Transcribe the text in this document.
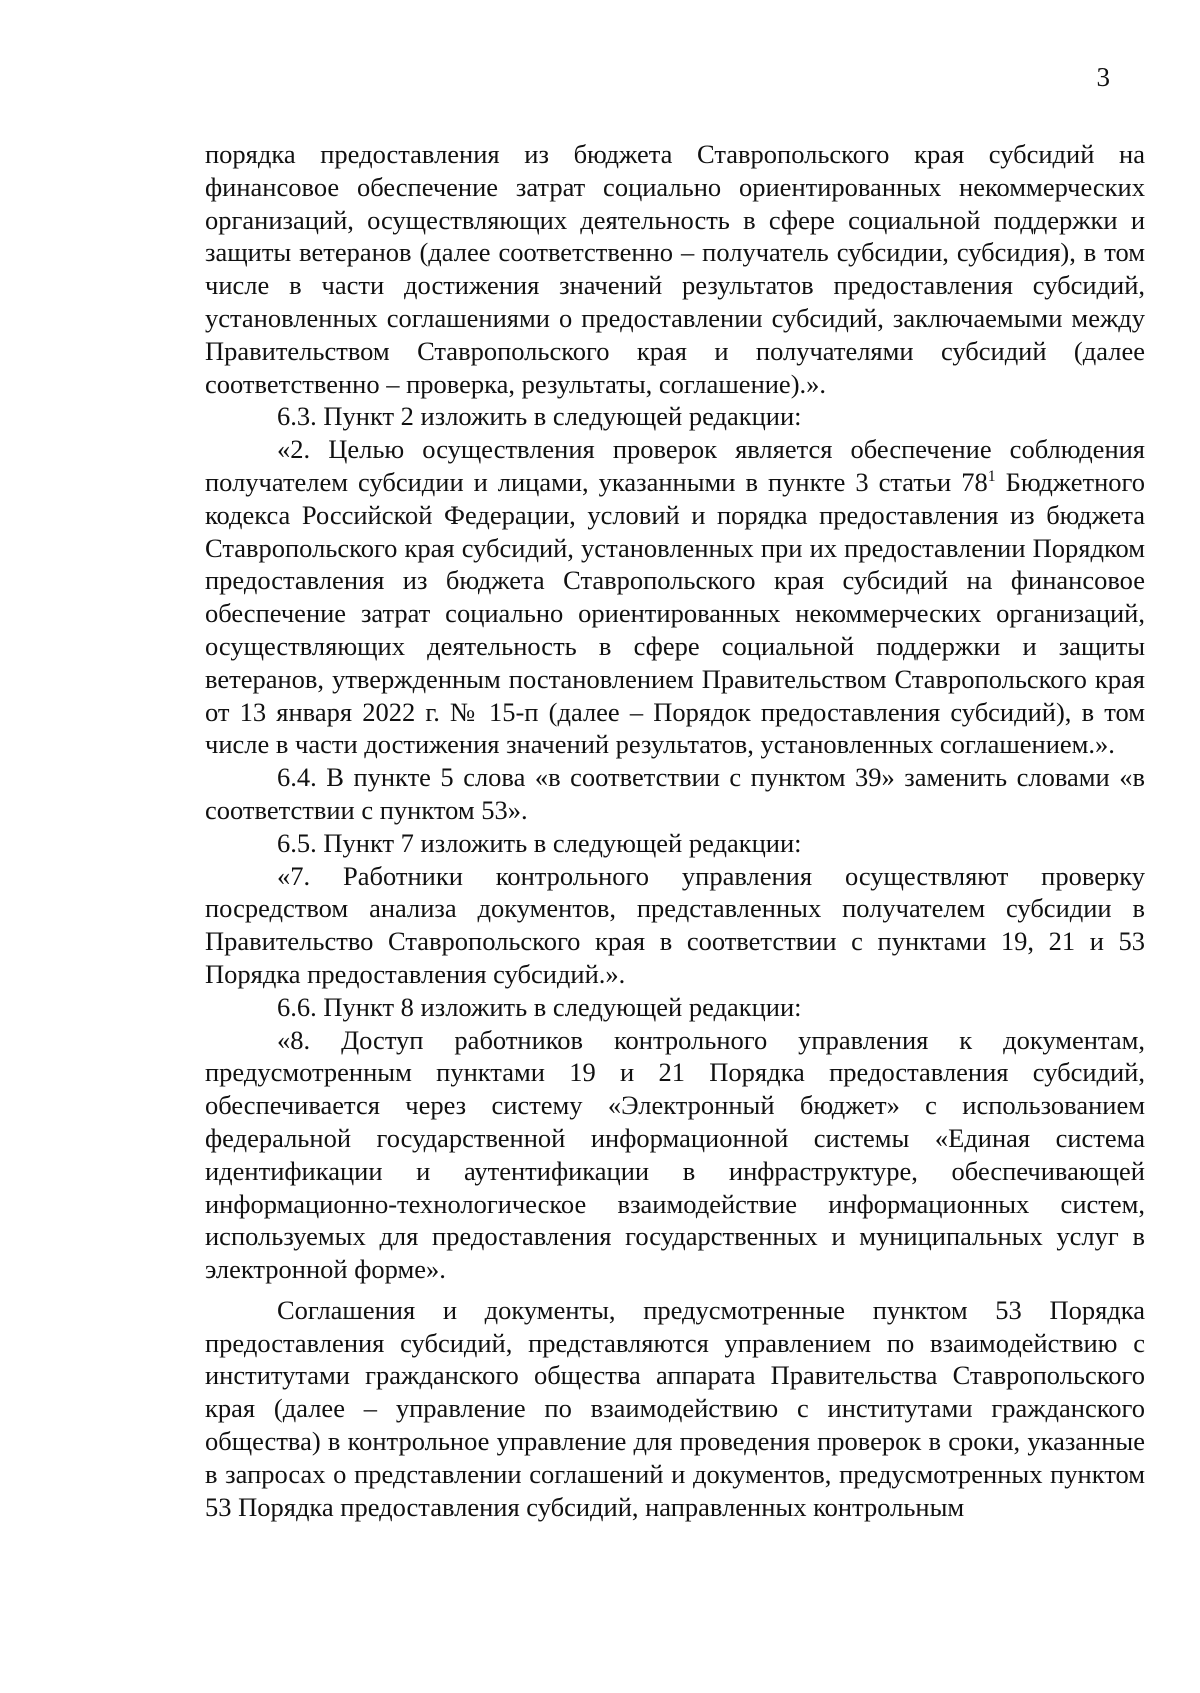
3

порядка предоставления из бюджета Ставропольского края субсидий на финансовое обеспечение затрат социально ориентированных некоммерческих организаций, осуществляющих деятельность в сфере социальной поддержки и защиты ветеранов (далее соответственно – получатель субсидии, субсидия), в том числе в части достижения значений результатов предоставления субсидий, установленных соглашениями о предоставлении субсидий, заключаемыми между Правительством Ставропольского края и получателями субсидий (далее соответственно – проверка, результаты, соглашение).».

6.3. Пункт 2 изложить в следующей редакции:

«2. Целью осуществления проверок является обеспечение соблюдения получателем субсидии и лицами, указанными в пункте 3 статьи $78^1$ Бюджетного кодекса Российской Федерации, условий и порядка предоставления из бюджета Ставропольского края субсидий, установленных при их предоставлении Порядком предоставления из бюджета Ставропольского края субсидий на финансовое обеспечение затрат социально ориентированных некоммерческих организаций, осуществляющих деятельность в сфере социальной поддержки и защиты ветеранов, утвержденным постановлением Правительством Ставропольского края от 13 января 2022 г. № 15-п (далее – Порядок предоставления субсидий), в том числе в части достижения значений результатов, установленных соглашением.».

6.4. В пункте 5 слова «в соответствии с пунктом 39» заменить словами «в соответствии с пунктом 53».

6.5. Пункт 7 изложить в следующей редакции:

«7. Работники контрольного управления осуществляют проверку посредством анализа документов, представленных получателем субсидии в Правительство Ставропольского края в соответствии с пунктами 19, 21 и 53 Порядка предоставления субсидий.».

6.6. Пункт 8 изложить в следующей редакции:

«8. Доступ работников контрольного управления к документам, предусмотренным пунктами 19 и 21 Порядка предоставления субсидий, обеспечивается через систему «Электронный бюджет» с использованием федеральной государственной информационной системы «Единая система идентификации и аутентификации в инфраструктуре, обеспечивающей информационно-технологическое взаимодействие информационных систем, используемых для предоставления государственных и муниципальных услуг в электронной форме».

Соглашения и документы, предусмотренные пунктом 53 Порядка предоставления субсидий, представляются управлением по взаимодействию с институтами гражданского общества аппарата Правительства Ставропольского края (далее – управление по взаимодействию с институтами гражданского общества) в контрольное управление для проведения проверок в сроки, указанные в запросах о представлении соглашений и документов, предусмотренных пунктом 53 Порядка предоставления субсидий, направленных контрольным
